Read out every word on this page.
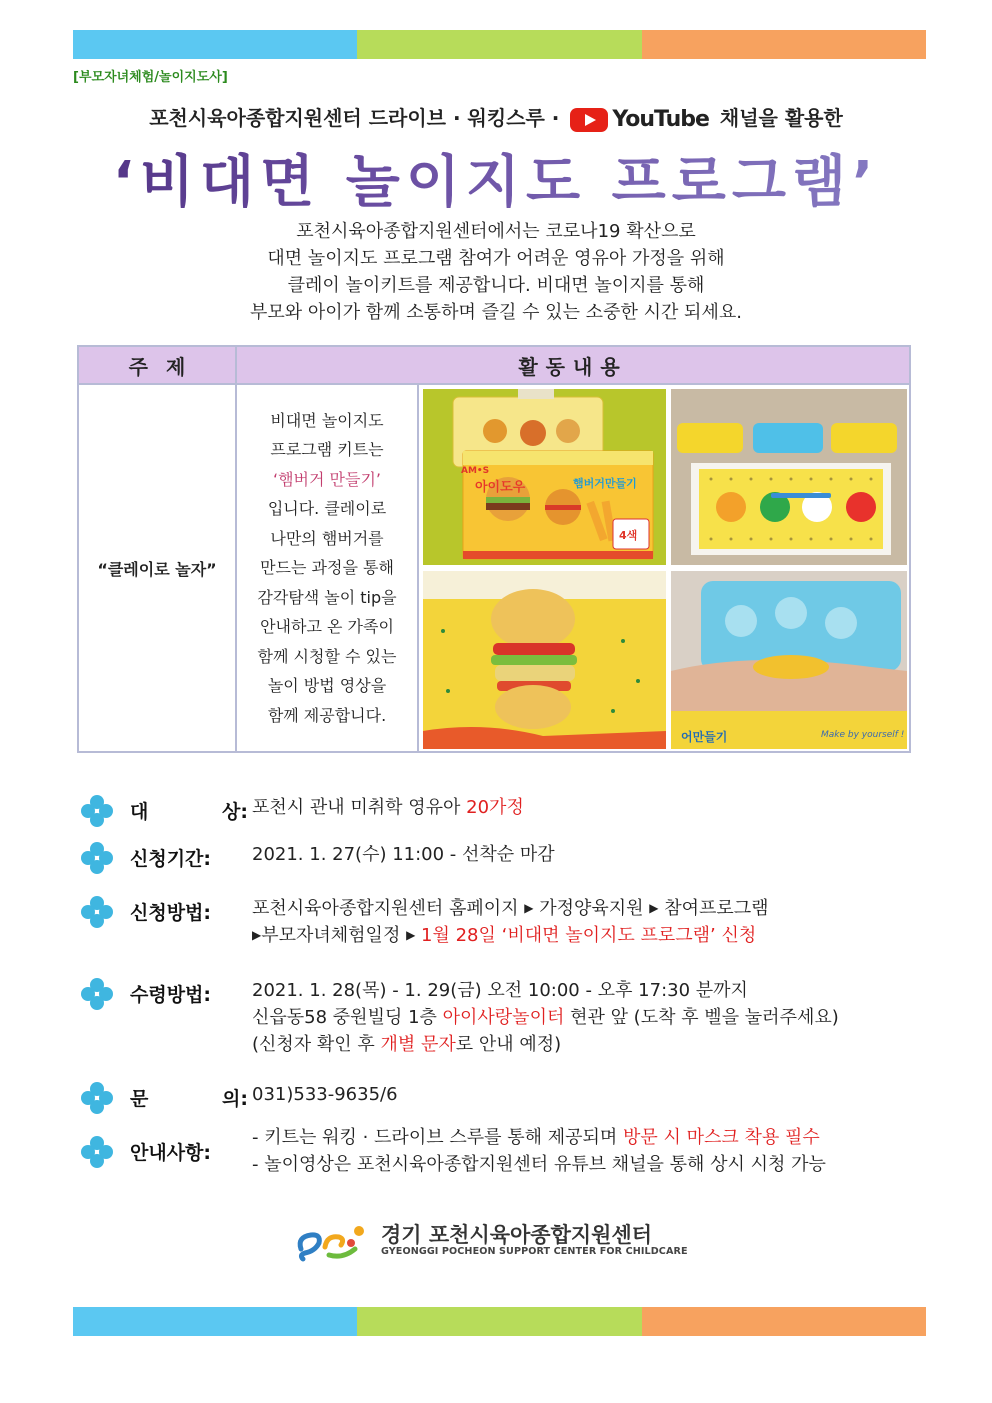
[부모자녀체험/놀이지도사]
포천시육아종합지원센터 드라이브 · 워킹스루 · YouTube 채널을 활용한
‘비대면 놀이지도 프로그램’
포천시육아종합지원센터에서는 코로나19 확산으로
대면 놀이지도 프로그램 참여가 어려운 영유아 가정을 위해
클레이 놀이키트를 제공합니다. 비대면 놀이지를 통해
부모와 아이가 함께 소통하며 즐길 수 있는 소중한 시간 되세요.
주제	활동내용
“클레이로 놀자”
비대면 놀이지도
프로그램 키트는
‘햄버거 만들기’
입니다. 클레이로
나만의 햄버거를
만드는 과정을 통해
감각탐색 놀이 tip을
안내하고 온 가족이
함께 시청할 수 있는
놀이 방법 영상을
함께 제공합니다.
AM•S
아이도우	햄버거만들기
4색
어만들기	Make by yourself !
대	상: 포천시 관내 미취학 영유아 20가정
신청기간:	2021. 1. 27(수) 11:00 - 선착순 마감
신청방법:	포천시육아종합지원센터 홈페이지 ▶ 가정양육지원 ▶ 참여프로그램
▶부모자녀체험일정 ▶ 1월 28일 ‘비대면 놀이지도 프로그램’ 신청
수령방법:	2021. 1. 28(목) - 1. 29(금) 오전 10:00 - 오후 17:30 분까지
신읍동58 중원빌딩 1층 아이사랑놀이터 현관 앞 (도착 후 벨을 눌러주세요)
(신청자 확인 후 개별 문자로 안내 예정)
문	의: 031)533-9635/6
안내사항:
- 키트는 워킹 · 드라이브 스루를 통해 제공되며 방문 시 마스크 착용 필수
- 놀이영상은 포천시육아종합지원센터 유튜브 채널을 통해 상시 시청 가능
경기 포천시육아종합지원센터
GYEONGGI POCHEON SUPPORT CENTER FOR CHILDCARE
